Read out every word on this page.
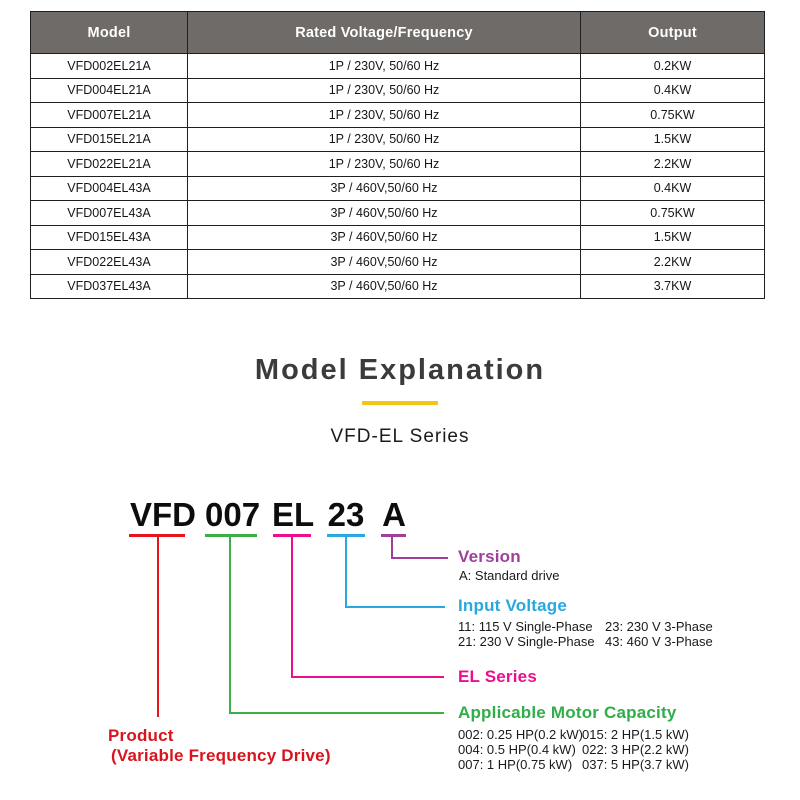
Model	Rated Voltage/Frequency	Output
VFD002EL21A	1P / 230V, 50/60 Hz	0.2KW
VFD004EL21A	1P / 230V, 50/60 Hz	0.4KW
VFD007EL21A	1P / 230V, 50/60 Hz	0.75KW
VFD015EL21A	1P / 230V, 50/60 Hz	1.5KW
VFD022EL21A	1P / 230V, 50/60 Hz	2.2KW
VFD004EL43A	3P / 460V,50/60 Hz	0.4KW
VFD007EL43A	3P / 460V,50/60 Hz	0.75KW
VFD015EL43A	3P / 460V,50/60 Hz	1.5KW
VFD022EL43A	3P / 460V,50/60 Hz	2.2KW
VFD037EL43A	3P / 460V,50/60 Hz	3.7KW
Model Explanation
VFD-EL Series
VFD 007 EL 23 A
Version
A: Standard drive
Input Voltage
11: 115 V Single-Phase 23: 230 V 3-Phase
21: 230 V Single-Phase 43: 460 V 3-Phase
EL Series
Applicable Motor Capacity
002: 0.25 HP(0.2 kW) 015: 2 HP(1.5 kW)
004: 0.5 HP(0.4 kW) 022: 3 HP(2.2 kW)
007: 1 HP(0.75 kW) 037: 5 HP(3.7 kW)
Product
(Variable Frequency Drive)
